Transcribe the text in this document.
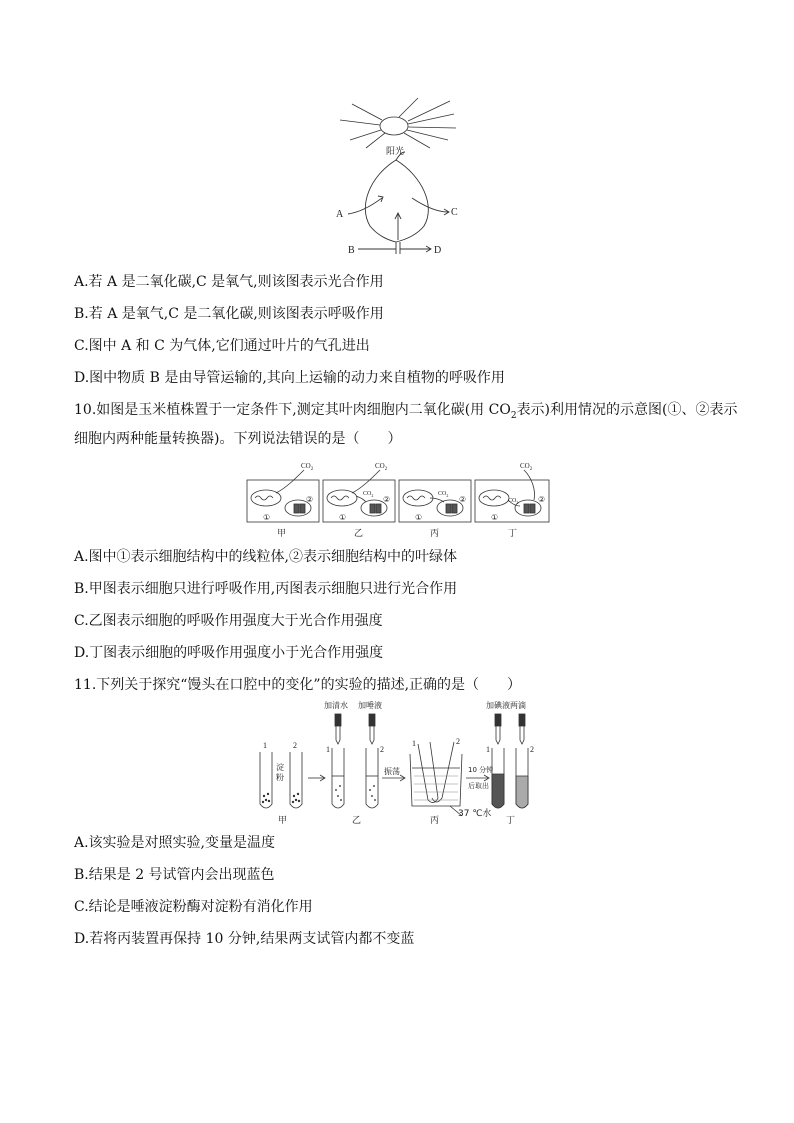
阳光
A
B
C
D
A.若 A 是二氧化碳,C 是氧气,则该图表示光合作用
B.若 A 是氧气,C 是二氧化碳,则该图表示呼吸作用
C.图中 A 和 C 为气体,它们通过叶片的气孔进出
D.图中物质 B 是由导管运输的,其向上运输的动力来自植物的呼吸作用
10.如图是玉米植株置于一定条件下,测定其叶肉细胞内二氧化碳(用 $CO_2$表示)利用情况的示意图(①、②表示
细胞内两种能量转换器)。下列说法错误的是（　　）
$CO_2$
①
②
$CO_2$
$CO_2$
①
②
$CO_2$
①
②
$CO_2$
$CO_2$
①
②
甲	乙	丙	丁
A.图中①表示细胞结构中的线粒体,②表示细胞结构中的叶绿体
B.甲图表示细胞只进行呼吸作用,丙图表示细胞只进行光合作用
C.乙图表示细胞的呼吸作用强度大于光合作用强度
D.丁图表示细胞的呼吸作用强度小于光合作用强度
11.下列关于探究“馒头在口腔中的变化”的实验的描述,正确的是（　　）
加清水 加唾液	加碘液两滴
振荡	10 分钟
后取出
37 ℃水
淀
粉
1	2	1	2
1	2
1	2
甲	乙	丙	丁
A.该实验是对照实验,变量是温度
B.结果是 2 号试管内会出现蓝色
C.结论是唾液淀粉酶对淀粉有消化作用
D.若将丙装置再保持 10 分钟,结果两支试管内都不变蓝
